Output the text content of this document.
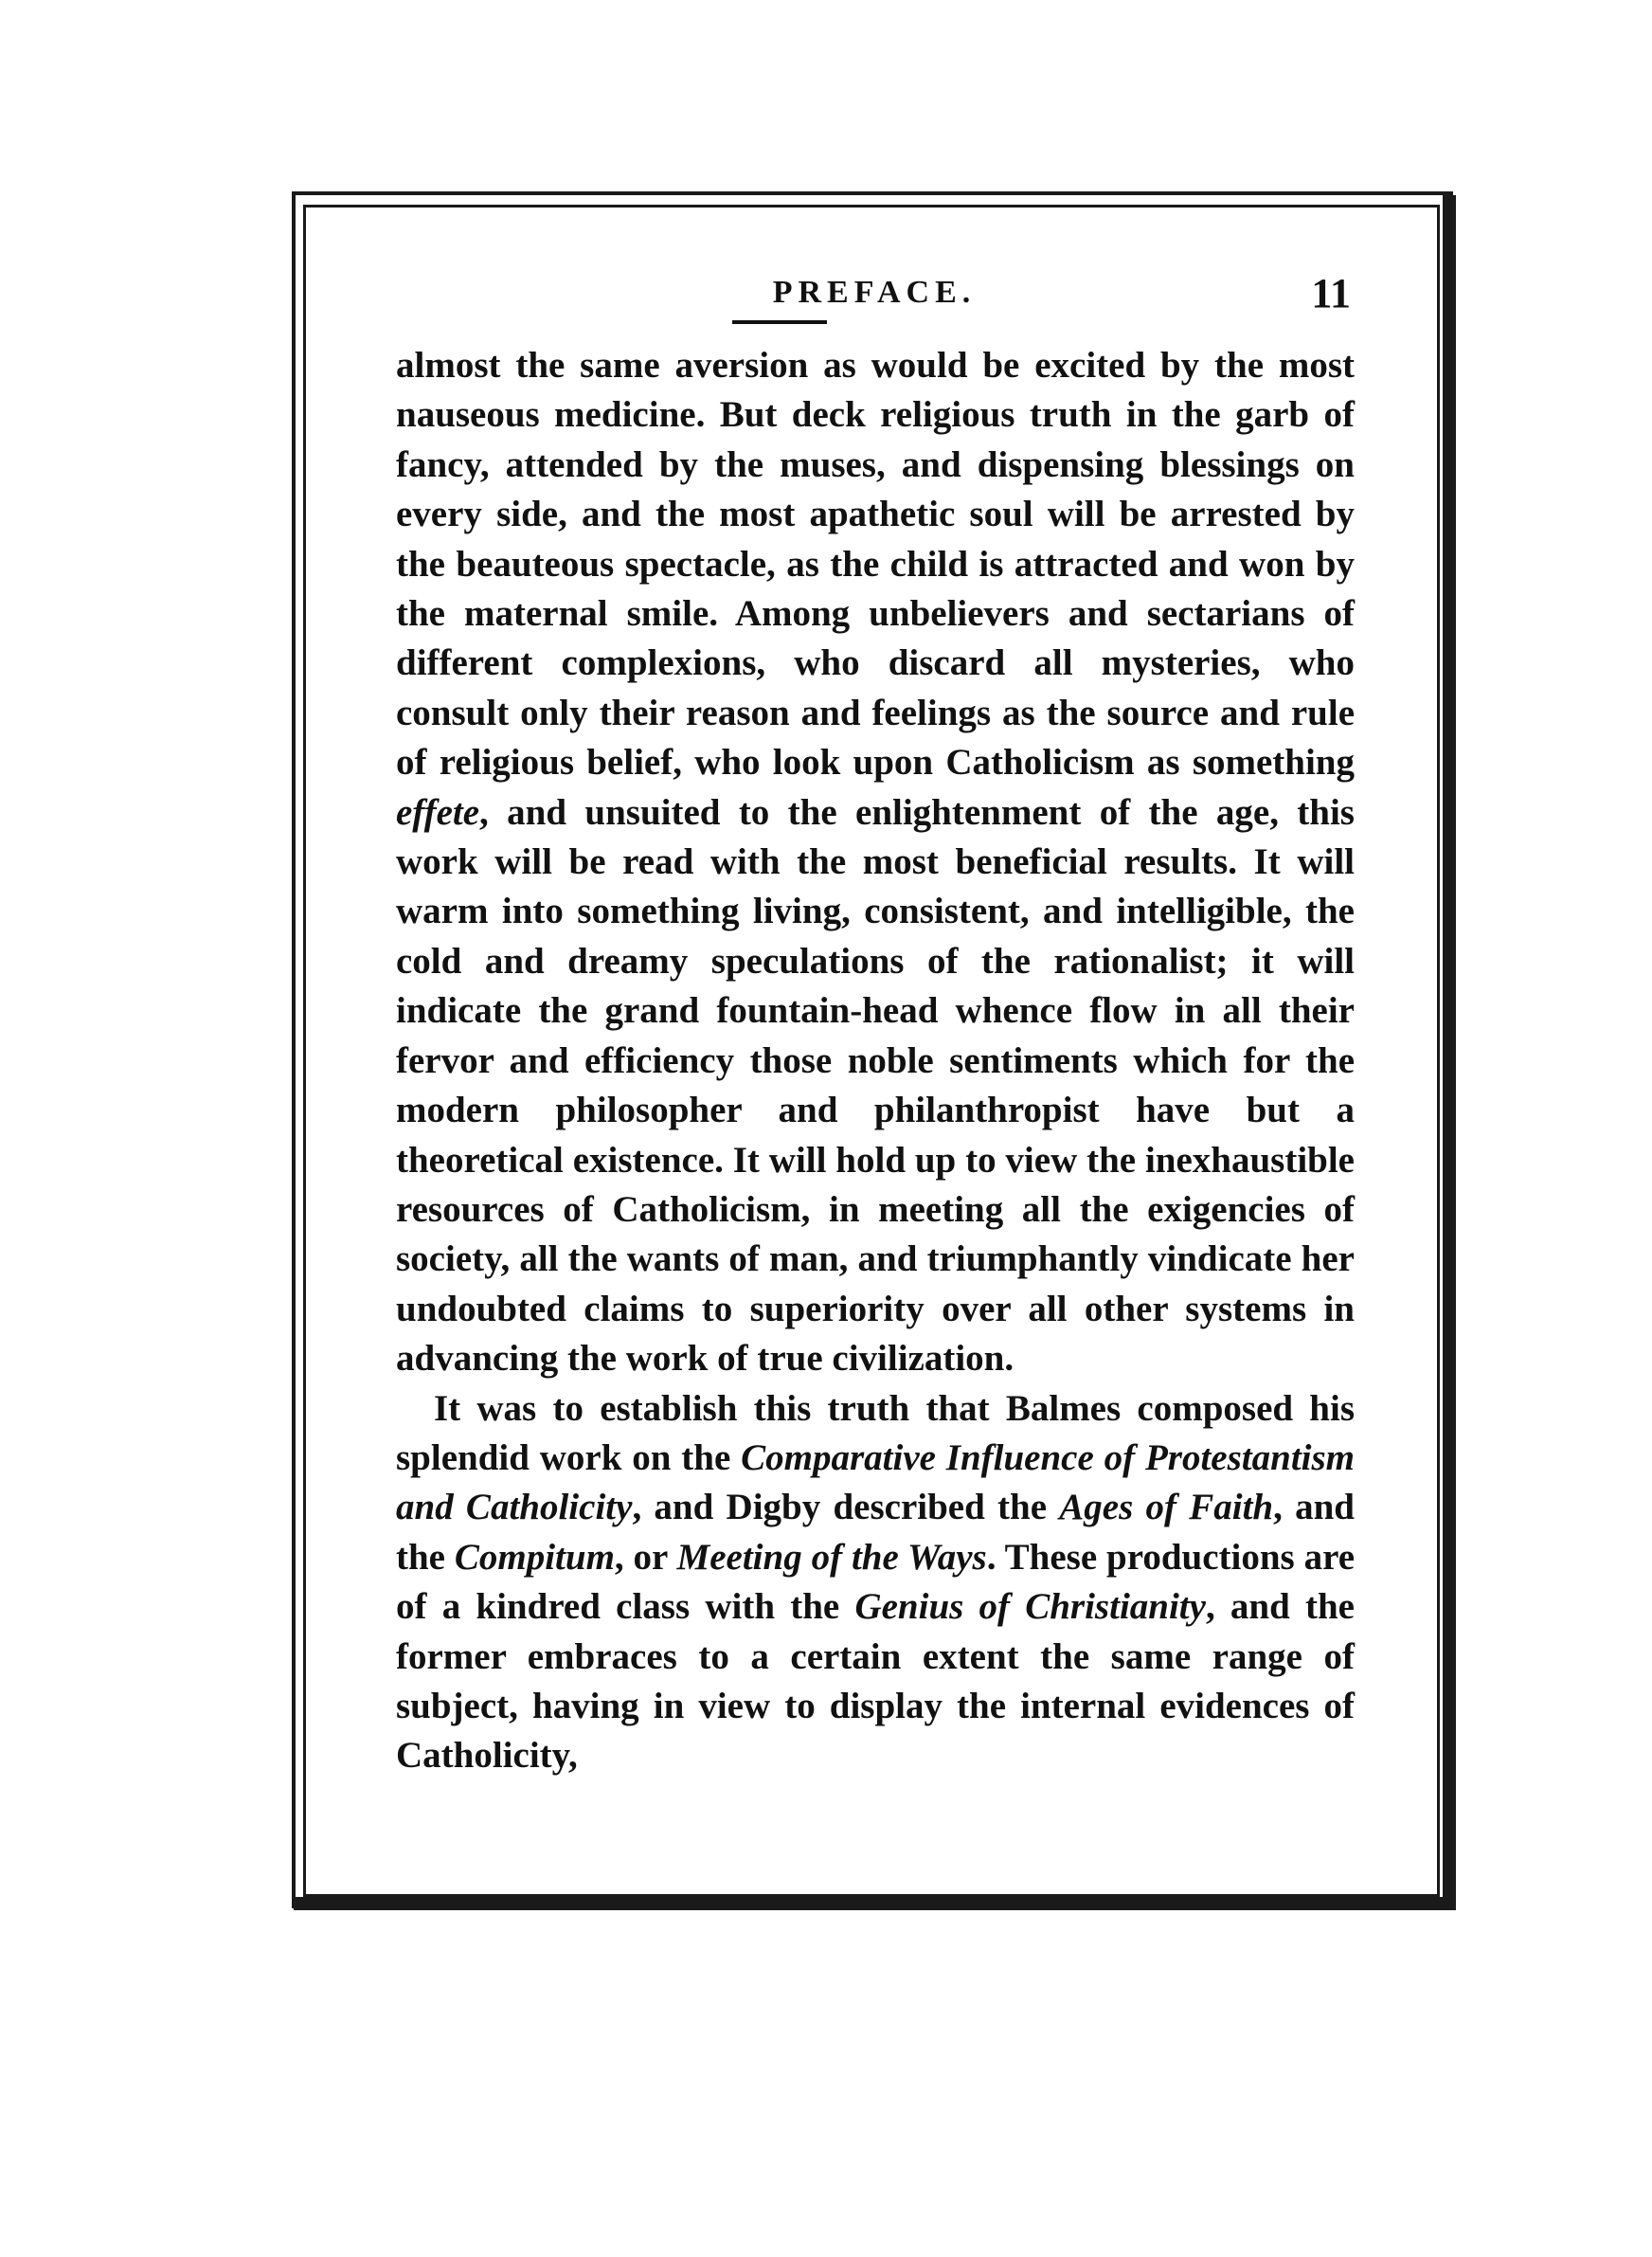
PREFACE.	11

almost the same aversion as would be excited by the most nauseous medicine. But deck religious truth in the garb of fancy, attended by the muses, and dispensing blessings on every side, and the most apathetic soul will be arrested by the beauteous spectacle, as the child is attracted and won by the maternal smile. Among unbelievers and sectarians of different complexions, who discard all mysteries, who consult only their reason and feelings as the source and rule of religious belief, who look upon Catholicism as something effete, and unsuited to the enlightenment of the age, this work will be read with the most beneficial results. It will warm into something living, consistent, and intelligible, the cold and dreamy speculations of the rationalist; it will indicate the grand fountain-head whence flow in all their fervor and efficiency those noble sentiments which for the modern philosopher and philanthropist have but a theoretical existence. It will hold up to view the inexhaustible resources of Catholicism, in meeting all the exigencies of society, all the wants of man, and triumphantly vindicate her undoubted claims to superiority over all other systems in advancing the work of true civilization.

It was to establish this truth that Balmes composed his splendid work on the Comparative Influence of Protestantism and Catholicity, and Digby described the Ages of Faith, and the Compitum, or Meeting of the Ways. These productions are of a kindred class with the Genius of Christianity, and the former embraces to a certain extent the same range of subject, having in view to display the internal evidences of Catholicity,
